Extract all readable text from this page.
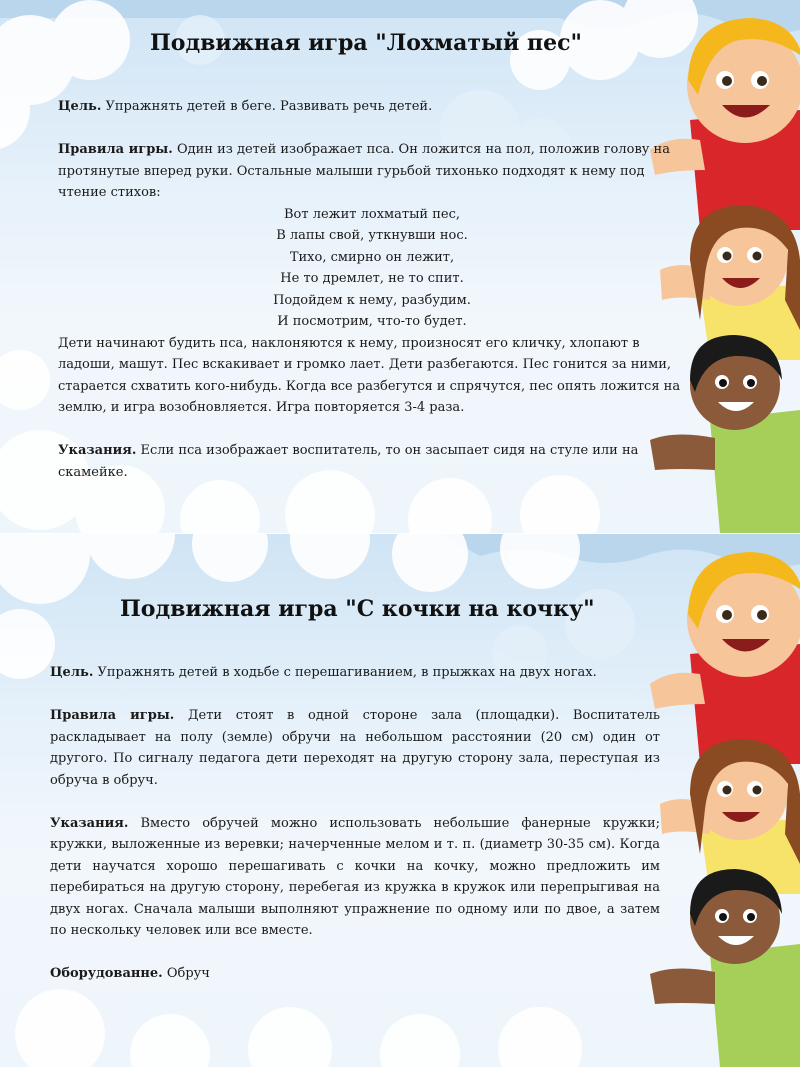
Подвижная игра "Лохматый пес"

Цель. Упражнять детей в беге. Развивать речь детей.

Правила игры. Один из детей изображает пса. Он ложится на пол, положив голову на протянутые вперед руки. Остальные малыши гурьбой тихонько подходят к нему под чтение стихов:

Вот лежит лохматый пес,

В лапы свой, уткнувши нос.

Тихо, смирно он лежит,

Не то дремлет, не то спит.

Подойдем к нему, разбудим.

И посмотрим, что-то будет.

Дети начинают будить пса, наклоняются к нему, произносят его кличку, хлопают в ладоши, машут. Пес вскакивает и громко лает. Дети разбегаются. Пес гонится за ними, старается схватить кого-нибудь. Когда все разбегутся и спрячутся, пес опять ложится на землю, и игра возобновляется. Игра повторяется 3-4 раза.

Указания. Если пса изображает воспитатель, то он засыпает сидя на стуле или на скамейке.

Подвижная игра "С кочки на кочку"

Цель. Упражнять детей в ходьбе с перешагиванием, в прыжках на двух ногах.

Правила игры. Дети стоят в одной стороне зала (площадки). Воспитатель раскладывает на полу (земле) обручи на небольшом расстоянии (20 см) один от другого. По сигналу педагога дети переходят на другую сторону зала, переступая из обруча в обруч.

Указания. Вместо обручей можно использовать небольшие фанерные кружки; кружки, выложенные из веревки; начерченные мелом и т. п. (диаметр 30-35 см). Когда дети научатся хорошо перешагивать с кочки на кочку, можно предложить им перебираться на другую сторону, перебегая из кружка в кружок или перепрыгивая на двух ногах. Сначала малыши выполняют упражнение по одному или по двое, а затем по нескольку человек или все вместе.

Оборудованне. Обруч
